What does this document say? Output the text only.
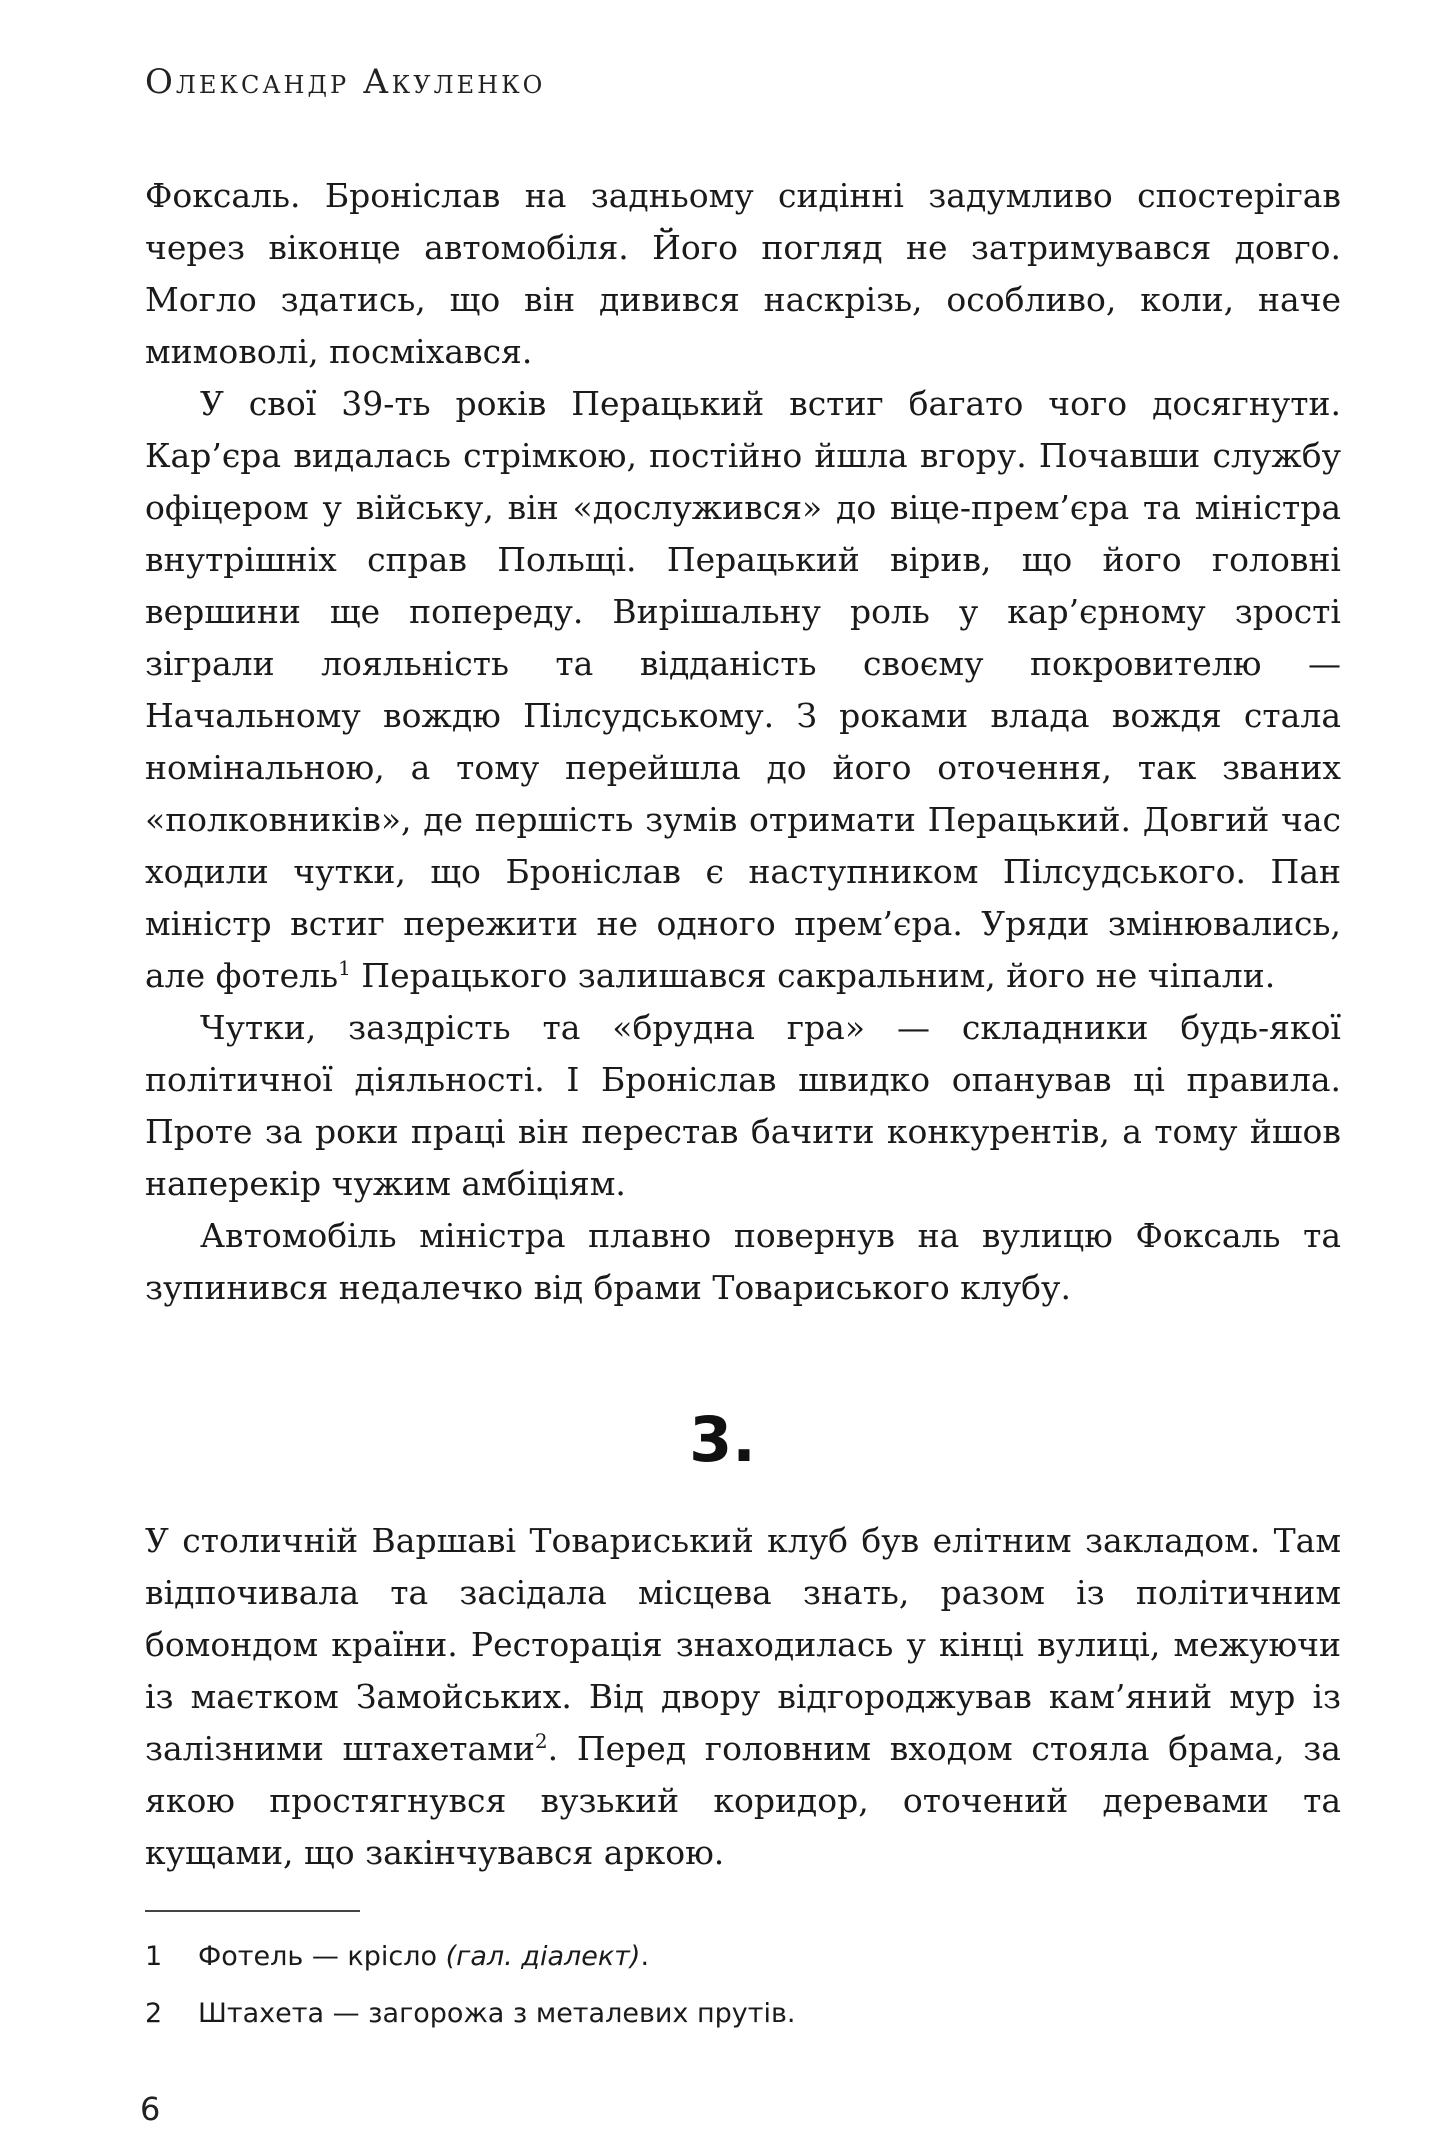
Олександр Акуленко

Фоксаль. Броніслав на задньому сидінні задумливо спостерігав через віконце автомобіля. Його погляд не затримувався довго. Могло здатись, що він дивився наскрізь, особливо, коли, наче мимоволі, посміхався.

У свої 39-ть років Перацький встиг багато чого досягнути. Кар’єра видалась стрімкою, постійно йшла вгору. Почавши службу офіцером у війську, він «дослужився» до віце-прем’єра та міністра внутрішніх справ Польщі. Перацький вірив, що його головні вершини ще попереду. Вирішальну роль у кар’єрному зрості зіграли лояльність та відданість своєму покровителю — Начальному вождю Пілсудському. З роками влада вождя стала номінальною, а тому перейшла до його оточення, так званих «полковників», де першість зумів отримати Перацький. Довгий час ходили чутки, що Броніслав є наступником Пілсудського. Пан міністр встиг пережити не одного прем’єра. Уряди змінювались, але фотель$^1$ Перацького залишався сакральним, його не чіпали.

Чутки, заздрість та «брудна гра» — складники будь-якої політичної діяльності. І Броніслав швидко опанував ці правила. Проте за роки праці він перестав бачити конкурентів, а тому йшов наперекір чужим амбіціям.

Автомобіль міністра плавно повернув на вулицю Фоксаль та зупинився недалечко від брами Товариського клубу.

3.

У столичній Варшаві Товариський клуб був елітним закладом. Там відпочивала та засідала місцева знать, разом із політичним бомондом країни. Ресторація знаходилась у кінці вулиці, межуючи із маєтком Замойських. Від двору відгороджував кам’яний мур із залізними штахетами$^2$. Перед головним входом стояла брама, за якою простягнувся вузький коридор, оточений деревами та кущами, що закінчувався аркою.

1	Фотель — крісло (гал. діалект).
2	Штахета — загорожа з металевих прутів.
6
